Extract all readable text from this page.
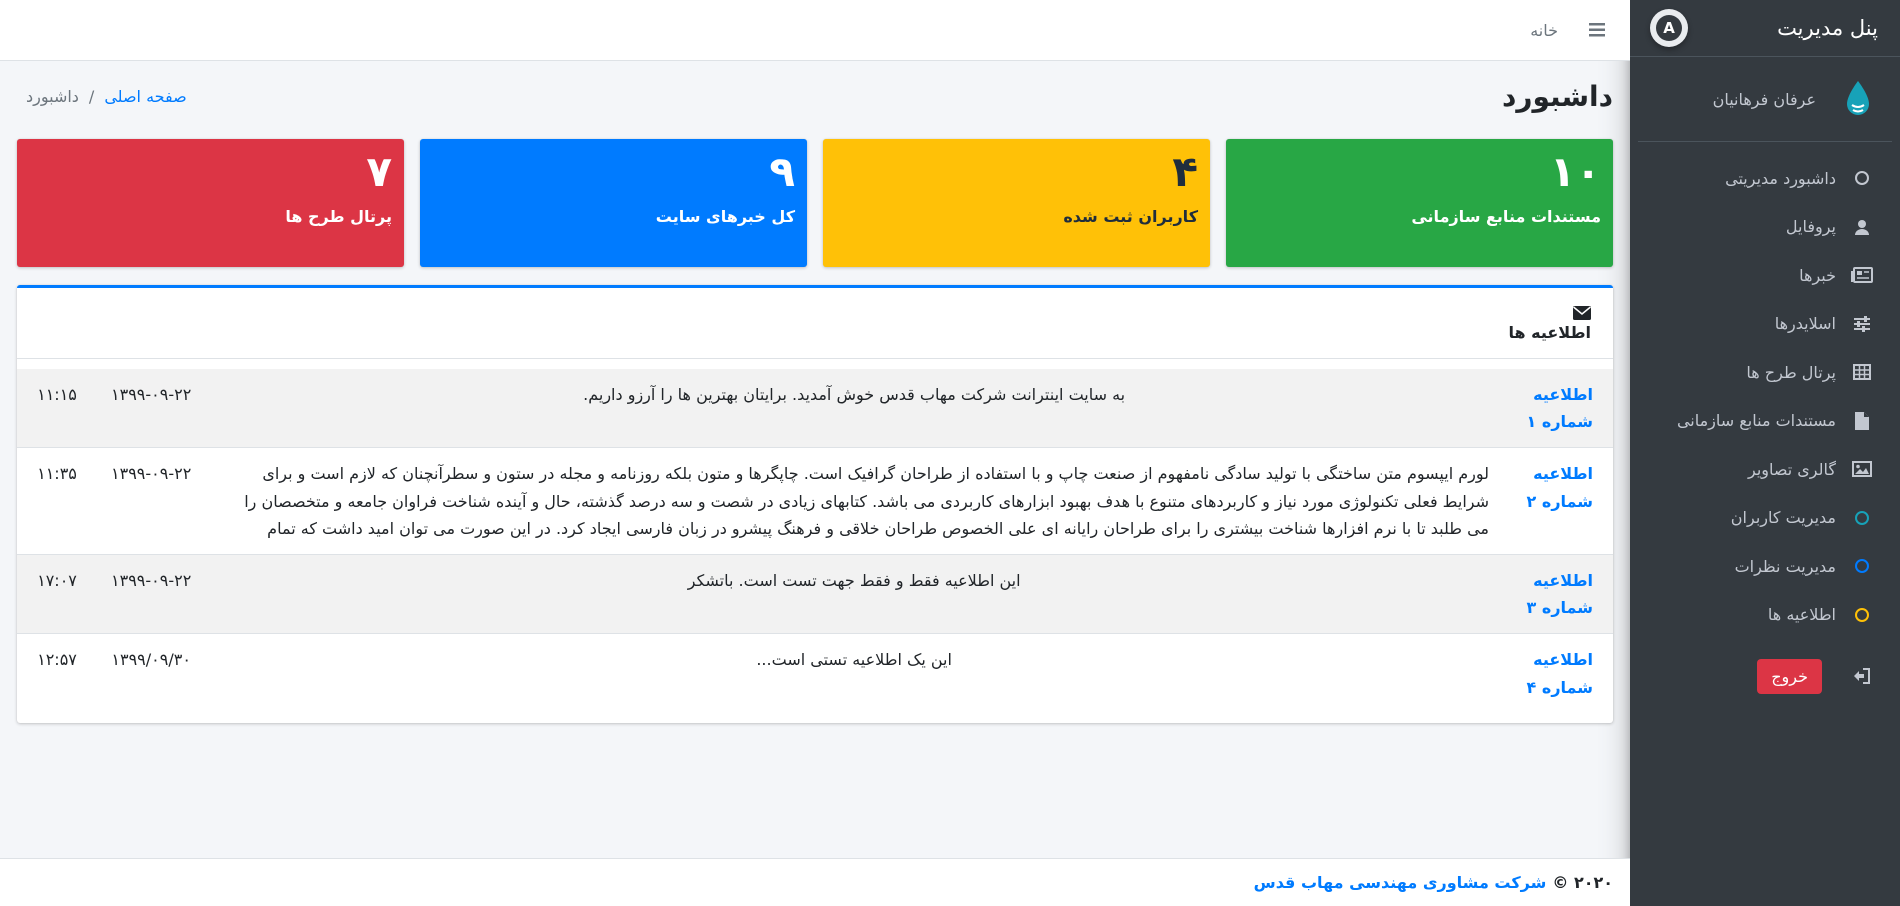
پنل مدیریت
A
عرفان فرهانیان
داشبورد مدیریتی
پروفایل
خبرها
اسلایدرها
پرتال طرح ها
مستندات منابع سازمانی
گالری تصاویر
مدیریت کاربران
مدیریت نظرات
اطلاعیه ها
خروج
خانه
داشبورد
صفحه اصلی
/
داشبورد
۱۰
مستندات منابع سازمانی
۴
کاربران ثبت شده
۹
کل خبرهای سایت
۷
پرتال طرح ها
اطلاعیه ها
اطلاعیه شماره ۱	به سایت اینترانت شرکت مهاب قدس خوش آمدید. برایتان بهترین ها را آرزو داریم.	۱۳۹۹-۰۹-۲۲	۱۱:۱۵
اطلاعیه شماره ۲	لورم ایپسوم متن ساختگی با تولید سادگی نامفهوم از صنعت چاپ و با استفاده از طراحان گرافیک است. چاپگرها و متون بلکه روزنامه و مجله در ستون و سطرآنچنان که لازم است و برای شرایط فعلی تکنولوژی مورد نیاز و کاربردهای متنوع با هدف بهبود ابزارهای کاربردی می باشد. کتابهای زیادی در شصت و سه درصد گذشته، حال و آینده شناخت فراوان جامعه و متخصصان را می طلبد تا با نرم افزارها شناخت بیشتری را برای طراحان رایانه ای علی الخصوص طراحان خلاقی و فرهنگ پیشرو در زبان فارسی ایجاد کرد. در این صورت می توان امید داشت که تمام	۱۳۹۹-۰۹-۲۲	۱۱:۳۵
اطلاعیه شماره ۳	این اطلاعیه فقط و فقط جهت تست است. باتشکر	۱۳۹۹-۰۹-۲۲	۱۷:۰۷
اطلاعیه شماره ۴	این یک اطلاعیه تستی است...	۱۳۹۹/۰۹/۳۰	۱۲:۵۷
۲۰۲۰ ©
شرکت مشاوری مهندسی مهاب قدس
